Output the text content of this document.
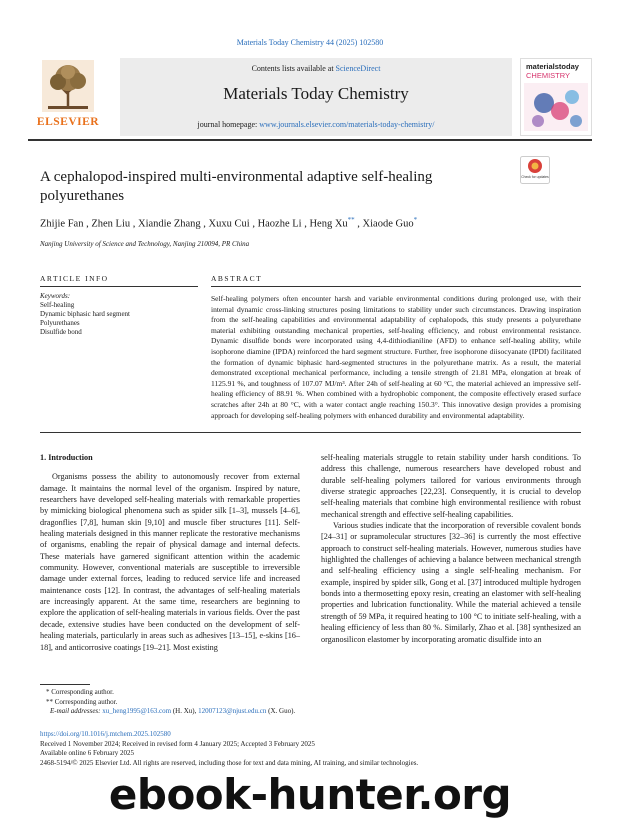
Materials Today Chemistry 44 (2025) 102580
ELSEVIER
Contents lists available at ScienceDirect
Materials Today Chemistry
journal homepage: www.journals.elsevier.com/materials-today-chemistry/
materialstoday
CHEMISTRY
A cephalopod-inspired multi-environmental adaptive self-healing polyurethanes
Check for updates
Zhijie Fan , Zhen Liu , Xiandie Zhang , Xuxu Cui , Haozhe Li , Heng Xu** , Xiaode Guo*
Nanjing University of Science and Technology, Nanjing 210094, PR China
ARTICLE INFO	ABSTRACT
Keywords:
Self-healing
Dynamic biphasic hard segment
Polyurethanes
Disulfide bond
Self-healing polymers often encounter harsh and variable environmental conditions during prolonged use, with their internal dynamic cross-linking structures posing limitations to stability under such circumstances. Drawing inspiration from the self-healing capabilities and environmental adaptability of cephalopods, this study presents a polyurethane material exhibiting outstanding mechanical properties, self-healing efficiency, and robust environmental resistance. Dynamic disulfide bonds were incorporated using 4,4-dithiodianiline (AFD) to enhance self-healing ability, while isophorone diamine (IPDA) reinforced the hard segment structure. Further, free isophorone diisocyanate (IPDI) facilitated the formation of dynamic biphasic hard-segmented structures in the polyurethane matrix. As a result, the material demonstrated exceptional mechanical performance, including a tensile strength of 21.81 MPa, elongation at break of 1125.91 %, and toughness of 107.07 MJ/m³. After 24h of self-healing at 60 °C, the material achieved an impressive self-healing efficiency of 88.91 %. When combined with a hydrophobic component, the composite effectively erased surface scratches after 24h at 80 °C, with a water contact angle reaching 150.3°. This innovative design provides a promising approach for developing self-healing polymers with enhanced durability and environmental adaptability.
1. Introduction

Organisms possess the ability to autonomously recover from external damage. It maintains the normal level of the organism. Inspired by nature, researchers have developed self-healing materials with remarkable properties by mimicking biological phenomena such as spider silk [1–3], mussels [4–6], dragonflies [7,8], human skin [9,10] and muscle fiber structures [11]. Self-healing materials designed in this manner replicate the restorative mechanisms of organisms, enabling the repair of physical damage and internal defects. These materials have garnered significant attention within the academic community. However, conventional materials are susceptible to irreversible damage under external forces, leading to reduced service life and increased maintenance costs [12]. In contrast, the advantages of self-healing materials are increasingly apparent. At the same time, researchers are beginning to explore the application of self-healing materials in various fields. Over the past decade, extensive studies have been conducted on the development of self-healing materials, particularly in areas such as adhesives [13–15], e-skins [16–18], and anticorrosive coatings [19–21]. Most existing

self-healing materials struggle to retain stability under harsh conditions. To address this challenge, numerous researchers have developed robust and durable self-healing polymers tailored for various environments through diverse strategic approaches [22,23]. Consequently, it is crucial to develop self-healing materials that combine high environmental resilience with robust mechanical strength and effective self-healing capabilities.

Various studies indicate that the incorporation of reversible covalent bonds [24–31] or supramolecular structures [32–36] is currently the most effective approach to construct self-healing materials. However, numerous studies have highlighted the challenges of achieving a balance between mechanical strength and self-healing efficiency using a single self-healing mechanism. For example, inspired by spider silk, Gong et al. [37] introduced multiple hydrogen bonds into a thermosetting epoxy resin, creating an elastomer with self-healing properties and lubrication functionality. While the material achieved a tensile strength of 59 MPa, it required heating to 100 °C to initiate self-healing, with a healing efficiency of less than 80 %. Similarly, Zhao et al. [38] synthesized an organosilicon elastomer by incorporating aromatic disulfide into an

* Corresponding author.
** Corresponding author.
E-mail addresses: xu_heng1995@163.com (H. Xu), 12007123@njust.edu.cn (X. Guo).
https://doi.org/10.1016/j.mtchem.2025.102580
Received 1 November 2024; Received in revised form 4 January 2025; Accepted 3 February 2025
Available online 6 February 2025
2468-5194/© 2025 Elsevier Ltd. All rights are reserved, including those for text and data mining, AI training, and similar technologies.
ebook-hunter.org
